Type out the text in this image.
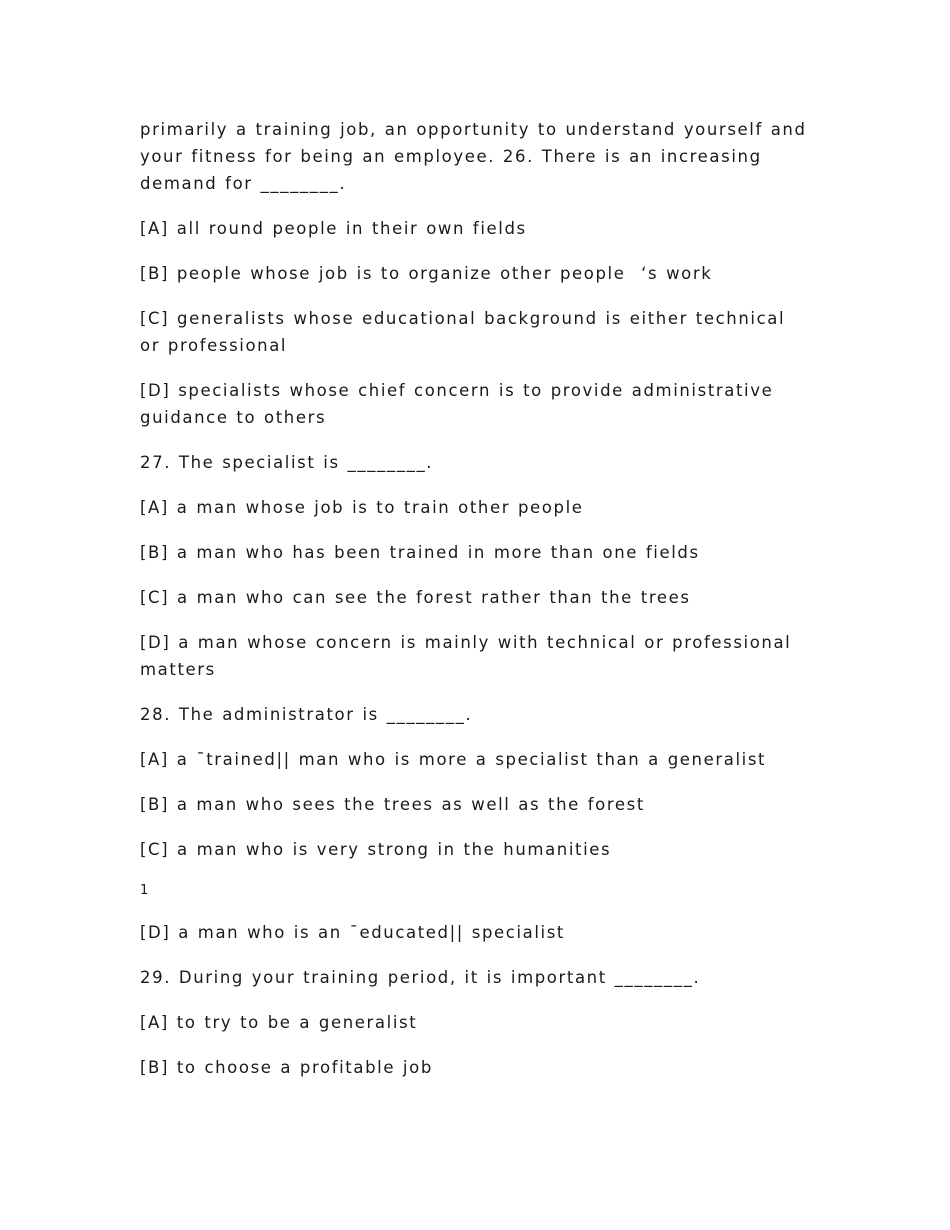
primarily a training job, an opportunity to understand yourself and your fitness for being an employee. 26. There is an increasing demand for ________.

[A] all round people in their own fields

[B] people whose job is to organize other people  ‘s work

[C] generalists whose educational background is either technical or professional

[D] specialists whose chief concern is to provide administrative guidance to others

27. The specialist is ________.

[A] a man whose job is to train other people

[B] a man who has been trained in more than one fields

[C] a man who can see the forest rather than the trees

[D] a man whose concern is mainly with technical or professional matters

28. The administrator is ________.

[A] a ¯trained|| man who is more a specialist than a generalist

[B] a man who sees the trees as well as the forest

[C] a man who is very strong in the humanities

1

[D] a man who is an ¯educated|| specialist

29. During your training period, it is important ________.

[A] to try to be a generalist

[B] to choose a profitable job
